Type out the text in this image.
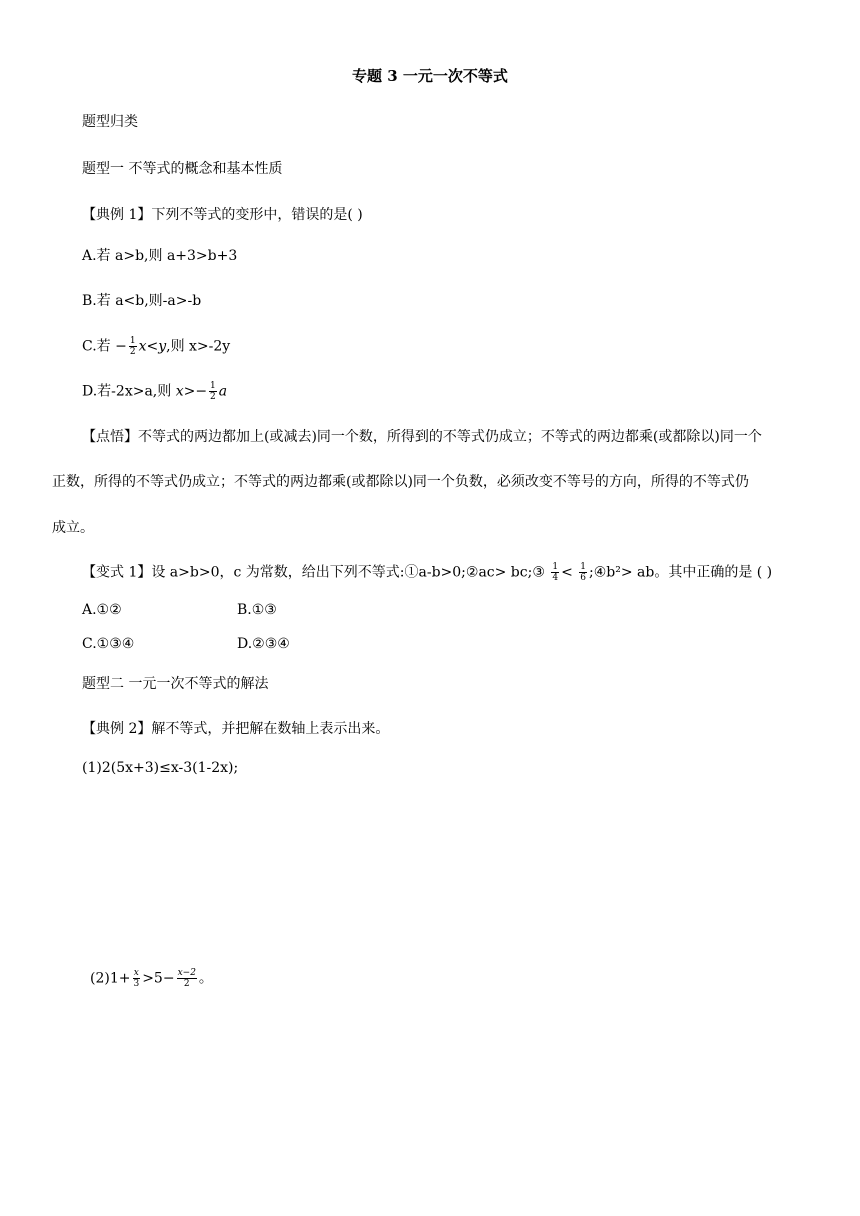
专题 3 一元一次不等式
题型归类
题型一 不等式的概念和基本性质
【典例 1】下列不等式的变形中，错误的是( )
A.若 a>b,则 a+3>b+3
B.若 a<b,则-a>-b
C.若 − $\frac{1}{2} x<y$,则 x>-2y
D.若-2x>a,则 $x>- \frac{1}{2}$ a
【点悟】不等式的两边都加上(或减去)同一个数，所得到的不等式仍成立；不等式的两边都乘(或都除以)同一个
正数，所得的不等式仍成立；不等式的两边都乘(或都除以)同一个负数，必须改变不等号的方向，所得的不等式仍
成立。
【变式 1】设 a>b>0，c 为常数，给出下列不等式:①a-b>0;②ac> bc;③ $\frac{1}{4} < \frac{1}{6}$ ;④b²> ab。其中正确的是 ( )
A.①②	B.①③
C.①③④	D.②③④
题型二 一元一次不等式的解法
【典例 2】解不等式，并把解在数轴上表示出来。
(1)2(5x+3)≤x-3(1-2x);
$(2)1+ \frac{x}{3} >5- \frac{x-2}{2}$ 。
